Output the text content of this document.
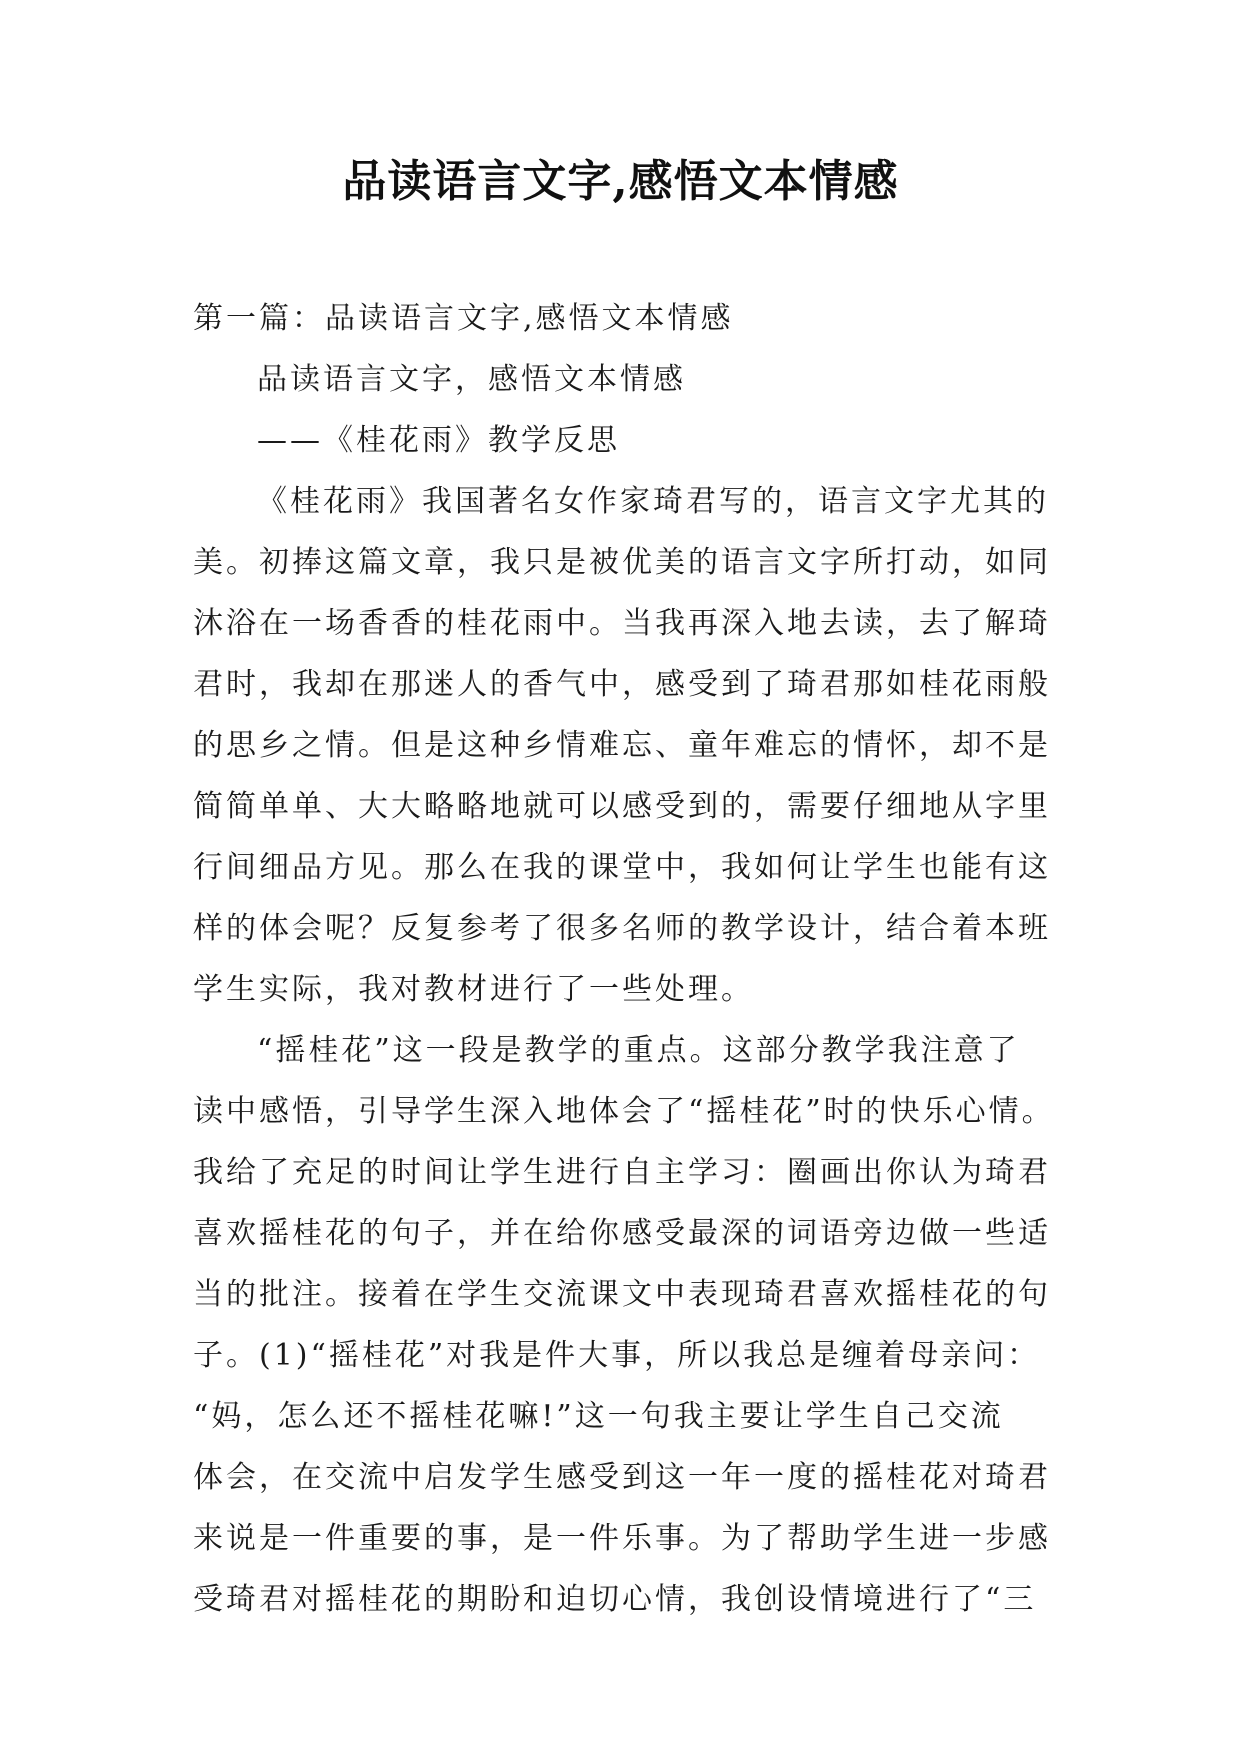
品读语言文字,感悟文本情感
第一篇：品读语言文字,感悟文本情感
品读语言文字，感悟文本情感
——《桂花雨》教学反思
《桂花雨》我国著名女作家琦君写的，语言文字尤其的
美。初捧这篇文章，我只是被优美的语言文字所打动，如同
沐浴在一场香香的桂花雨中。当我再深入地去读，去了解琦
君时，我却在那迷人的香气中，感受到了琦君那如桂花雨般
的思乡之情。但是这种乡情难忘、童年难忘的情怀，却不是
简简单单、大大略略地就可以感受到的，需要仔细地从字里
行间细品方见。那么在我的课堂中，我如何让学生也能有这
样的体会呢？反复参考了很多名师的教学设计，结合着本班
学生实际，我对教材进行了一些处理。
“摇桂花”这一段是教学的重点。这部分教学我注意了
读中感悟，引导学生深入地体会了“摇桂花”时的快乐心情。
我给了充足的时间让学生进行自主学习：圈画出你认为琦君
喜欢摇桂花的句子，并在给你感受最深的词语旁边做一些适
当的批注。接着在学生交流课文中表现琦君喜欢摇桂花的句
子。(1)“摇桂花”对我是件大事，所以我总是缠着母亲问：
“妈，怎么还不摇桂花嘛!”这一句我主要让学生自己交流
体会，在交流中启发学生感受到这一年一度的摇桂花对琦君
来说是一件重要的事，是一件乐事。为了帮助学生进一步感
受琦君对摇桂花的期盼和迫切心情，我创设情境进行了“三
